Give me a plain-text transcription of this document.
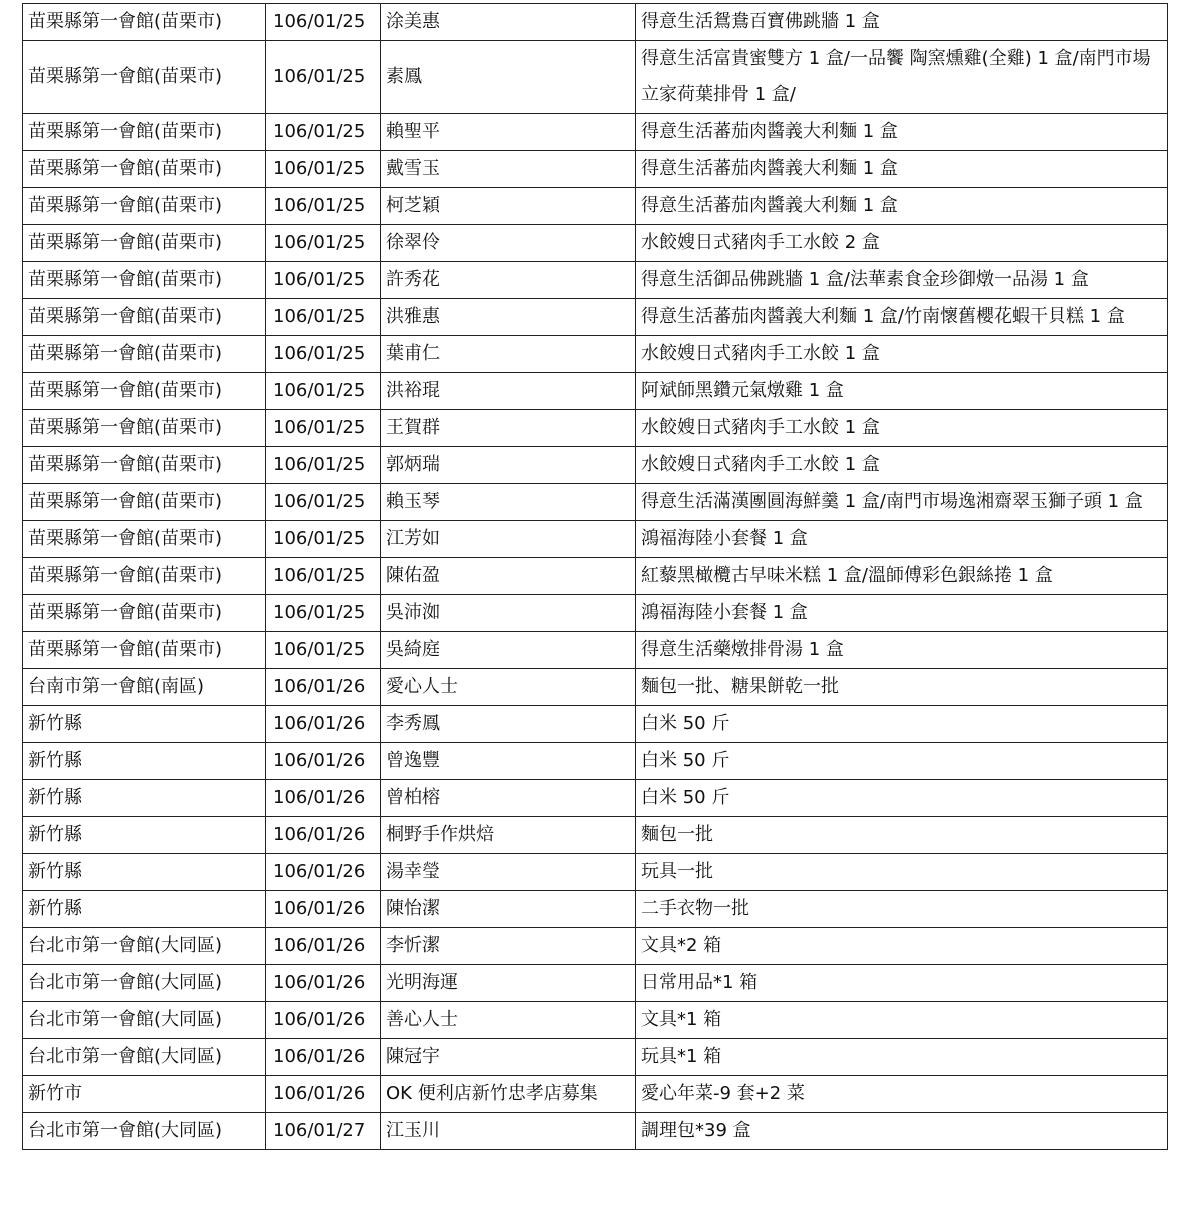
苗栗縣第一會館(苗栗市)	106/01/25	涂美惠	得意生活鴛鴦百寶佛跳牆 1 盒
苗栗縣第一會館(苗栗市)	106/01/25	素鳳	得意生活富貴蜜雙方 1 盒/一品饗 陶窯燻雞(全雞) 1 盒/南門市場立家荷葉排骨 1 盒/
苗栗縣第一會館(苗栗市)	106/01/25	賴聖平	得意生活蕃茄肉醬義大利麵 1 盒
苗栗縣第一會館(苗栗市)	106/01/25	戴雪玉	得意生活蕃茄肉醬義大利麵 1 盒
苗栗縣第一會館(苗栗市)	106/01/25	柯芝穎	得意生活蕃茄肉醬義大利麵 1 盒
苗栗縣第一會館(苗栗市)	106/01/25	徐翠伶	水餃嫂日式豬肉手工水餃 2 盒
苗栗縣第一會館(苗栗市)	106/01/25	許秀花	得意生活御品佛跳牆 1 盒/法華素食金珍御燉一品湯 1 盒
苗栗縣第一會館(苗栗市)	106/01/25	洪雅惠	得意生活蕃茄肉醬義大利麵 1 盒/竹南懷舊櫻花蝦干貝糕 1 盒
苗栗縣第一會館(苗栗市)	106/01/25	葉甫仁	水餃嫂日式豬肉手工水餃 1 盒
苗栗縣第一會館(苗栗市)	106/01/25	洪裕琨	阿斌師黑鑽元氣燉雞 1 盒
苗栗縣第一會館(苗栗市)	106/01/25	王賀群	水餃嫂日式豬肉手工水餃 1 盒
苗栗縣第一會館(苗栗市)	106/01/25	郭炳瑞	水餃嫂日式豬肉手工水餃 1 盒
苗栗縣第一會館(苗栗市)	106/01/25	賴玉琴	得意生活滿漢團圓海鮮羹 1 盒/南門市場逸湘齋翠玉獅子頭 1 盒
苗栗縣第一會館(苗栗市)	106/01/25	江芳如	鴻福海陸小套餐 1 盒
苗栗縣第一會館(苗栗市)	106/01/25	陳佑盈	紅藜黑橄欖古早味米糕 1 盒/溫師傅彩色銀絲捲 1 盒
苗栗縣第一會館(苗栗市)	106/01/25	吳沛洳	鴻福海陸小套餐 1 盒
苗栗縣第一會館(苗栗市)	106/01/25	吳綺庭	得意生活藥燉排骨湯 1 盒
台南市第一會館(南區)	106/01/26	愛心人士	麵包一批、糖果餅乾一批
新竹縣	106/01/26	李秀鳳	白米 50 斤
新竹縣	106/01/26	曾逸豐	白米 50 斤
新竹縣	106/01/26	曾柏榕	白米 50 斤
新竹縣	106/01/26	桐野手作烘焙	麵包一批
新竹縣	106/01/26	湯幸瑩	玩具一批
新竹縣	106/01/26	陳怡潔	二手衣物一批
台北市第一會館(大同區)	106/01/26	李忻潔	文具*2 箱
台北市第一會館(大同區)	106/01/26	光明海運	日常用品*1 箱
台北市第一會館(大同區)	106/01/26	善心人士	文具*1 箱
台北市第一會館(大同區)	106/01/26	陳冠宇	玩具*1 箱
新竹市	106/01/26	OK 便利店新竹忠孝店募集	愛心年菜-9 套+2 菜
台北市第一會館(大同區)	106/01/27	江玉川	調理包*39 盒
